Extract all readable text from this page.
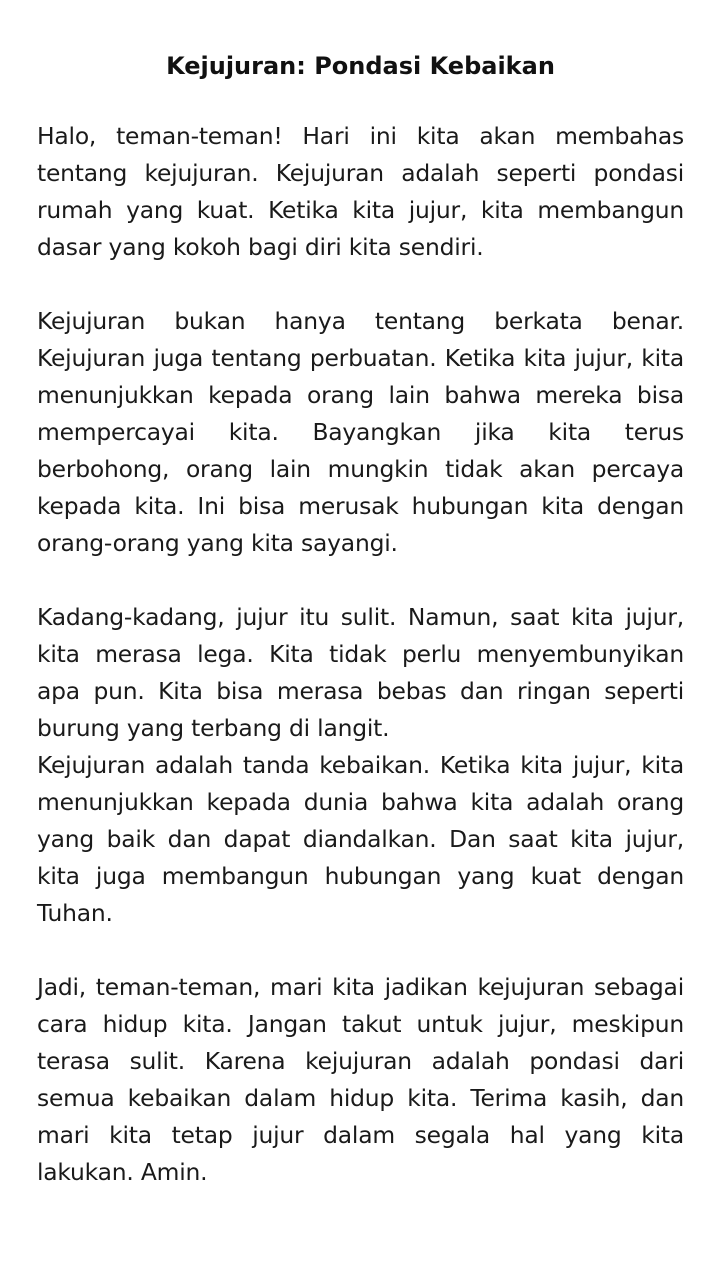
Kejujuran: Pondasi Kebaikan

Halo, teman-teman! Hari ini kita akan membahas tentang kejujuran. Kejujuran adalah seperti pondasi rumah yang kuat. Ketika kita jujur, kita membangun dasar yang kokoh bagi diri kita sendiri.

Kejujuran bukan hanya tentang berkata benar. Kejujuran juga tentang perbuatan. Ketika kita jujur, kita menunjukkan kepada orang lain bahwa mereka bisa mempercayai kita. Bayangkan jika kita terus berbohong, orang lain mungkin tidak akan percaya kepada kita. Ini bisa merusak hubungan kita dengan orang-orang yang kita sayangi.

Kadang-kadang, jujur itu sulit. Namun, saat kita jujur, kita merasa lega. Kita tidak perlu menyembunyikan apa pun. Kita bisa merasa bebas dan ringan seperti burung yang terbang di langit.

Kejujuran adalah tanda kebaikan. Ketika kita jujur, kita menunjukkan kepada dunia bahwa kita adalah orang yang baik dan dapat diandalkan. Dan saat kita jujur, kita juga membangun hubungan yang kuat dengan Tuhan.

Jadi, teman-teman, mari kita jadikan kejujuran sebagai cara hidup kita. Jangan takut untuk jujur, meskipun terasa sulit. Karena kejujuran adalah pondasi dari semua kebaikan dalam hidup kita. Terima kasih, dan mari kita tetap jujur dalam segala hal yang kita lakukan. Amin.
